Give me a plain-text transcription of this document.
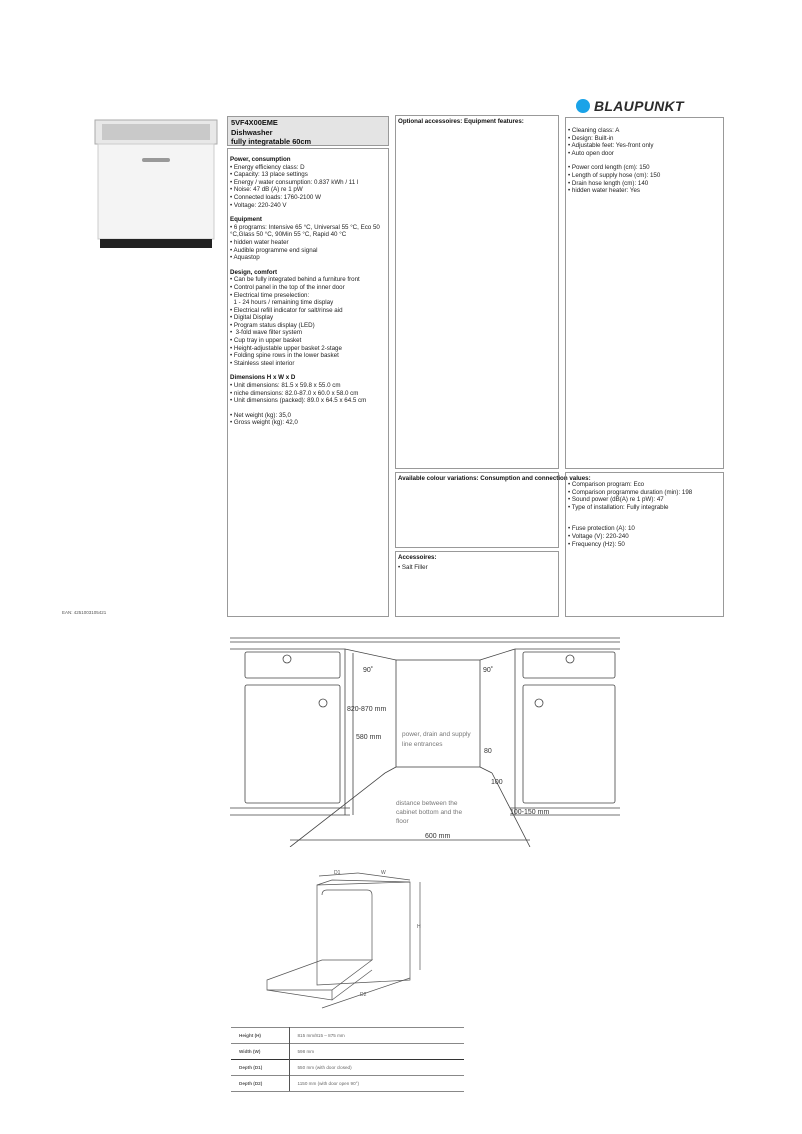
BLAUPUNKT
5VF4X00EME
Dishwasher
fully integratable 60cm
Power, consumption
• Energy efficiency class: D
• Capacity: 13 place settings
• Energy / water consumption: 0.837 kWh / 11 l
• Noise: 47 dB (A) re 1 pW
• Connected loads: 1760-2100 W
• Voltage: 220-240 V
Equipment
• 6 programs: Intensive 65 °C, Universal 55 °C, Eco 50 °C,Glass 50 °C, 90Min 55 °C, Rapid 40 °C
• hidden water heater
• Audible programme end signal
• Aquastop
Design, comfort
• Can be fully integrated behind a furniture front
• Control panel in the top of the inner door
• Electrical time preselection:
1 - 24 hours / remaining time display
• Electrical refill indicator for salt/rinse aid
• Digital Display
• Program status display (LED)
•  3-fold wave filter system
• Cup tray in upper basket
• Height-adjustable upper basket 2-stage
• Folding spine rows in the lower basket
• Stainless steel interior
Dimensions H x W x D
• Unit dimensions: 81.5 x 59.8 x 55.0 cm
• niche dimensions: 82.0-87.0 x 60.0 x 58.0 cm
• Unit dimensions (packed): 89.0 x 64.5 x 64.5 cm
• Net weight (kg): 35,0
• Gross weight (kg): 42,0
Optional accessoires: Equipment features:
Available colour variations: Consumption and connection values:
Accessoires:
• Salt Filler
• Cleaning class: A
• Design: Built-in
• Adjustable feet: Yes-front only
• Auto open door
• Power cord length (cm): 150
• Length of supply hose (cm): 150
• Drain hose length (cm): 140
• hidden water heater: Yes
• Comparison program: Eco
• Comparison programme duration (min): 198
• Sound power (dB(A) re 1 pW): 47
• Type of installation: Fully integrable
• Fuse protection (A): 10
• Voltage (V): 220-240
• Frequency (Hz): 50
EAN: 4251003105421
90˚	90˚
820-870 mm
580 mm
80
100
100-150 mm
600 mm
power, drain and supply
line entrances
distance between the
cabinet bottom and the
floor
D1	W
H
D2
Height (H)	815 mm/815 – 875 mm
Width (W)	598 mm
Depth (D1)	550 mm (with door closed)
Depth (D2)	1150 mm (with door open 90°)
